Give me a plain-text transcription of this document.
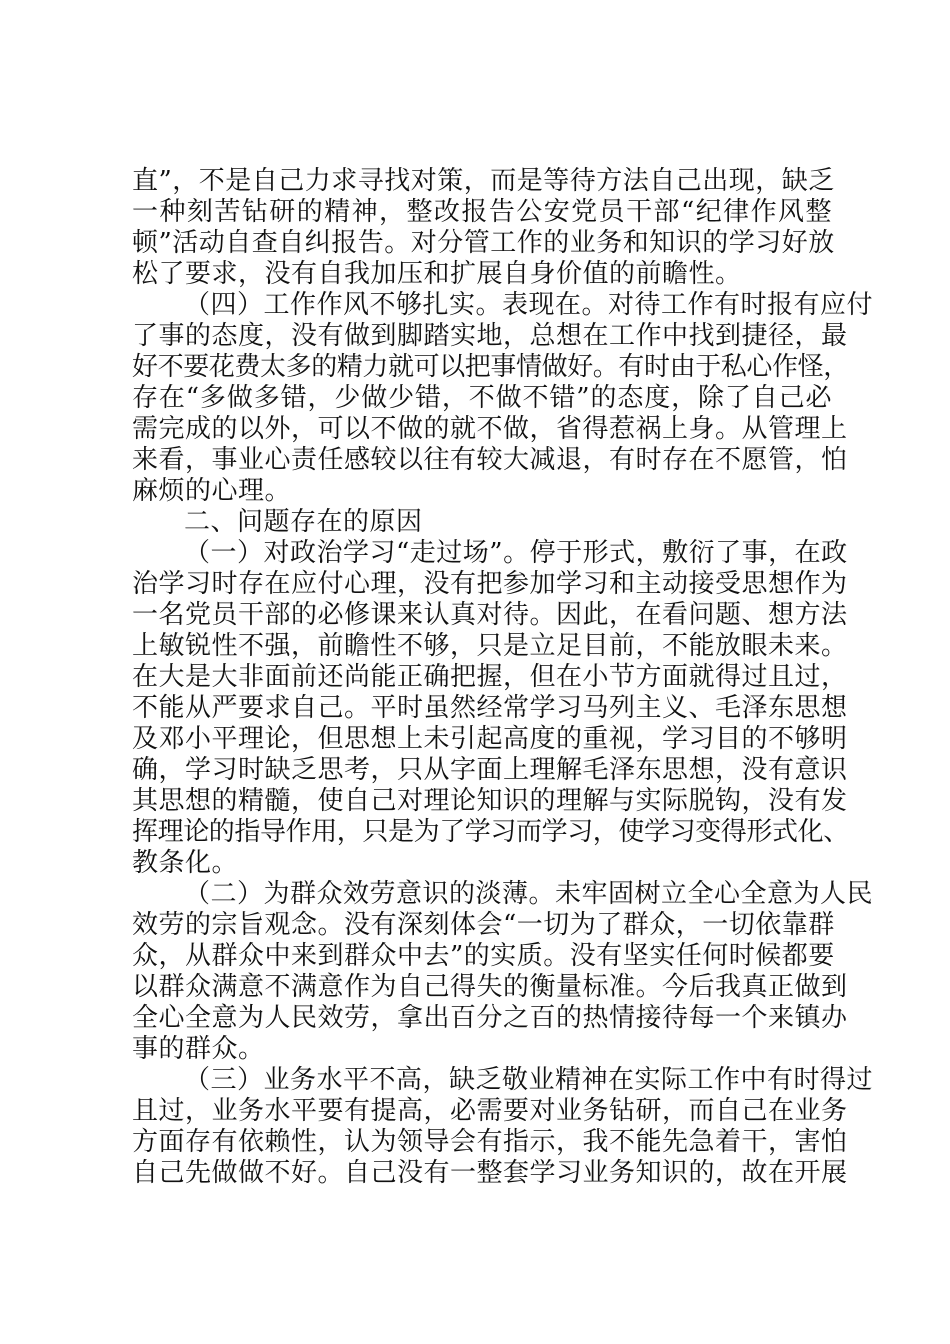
直”，不是自己力求寻找对策，而是等待方法自己出现，缺乏
一种刻苦钻研的精神，整改报告公安党员干部“纪律作风整
顿”活动自查自纠报告。对分管工作的业务和知识的学习好放
松了要求，没有自我加压和扩展自身价值的前瞻性。
（四）工作作风不够扎实。表现在。对待工作有时报有应付
了事的态度，没有做到脚踏实地，总想在工作中找到捷径，最
好不要花费太多的精力就可以把事情做好。有时由于私心作怪，
存在“多做多错，少做少错，不做不错”的态度，除了自己必
需完成的以外，可以不做的就不做，省得惹祸上身。从管理上
来看，事业心责任感较以往有较大减退，有时存在不愿管，怕
麻烦的心理。
二、问题存在的原因
（一）对政治学习“走过场”。停于形式，敷衍了事，在政
治学习时存在应付心理，没有把参加学习和主动接受思想作为
一名党员干部的必修课来认真对待。因此，在看问题、想方法
上敏锐性不强，前瞻性不够，只是立足目前，不能放眼未来。
在大是大非面前还尚能正确把握，但在小节方面就得过且过，
不能从严要求自己。平时虽然经常学习马列主义、毛泽东思想
及邓小平理论，但思想上未引起高度的重视，学习目的不够明
确，学习时缺乏思考，只从字面上理解毛泽东思想，没有意识
其思想的精髓，使自己对理论知识的理解与实际脱钩，没有发
挥理论的指导作用，只是为了学习而学习，使学习变得形式化、
教条化。
（二）为群众效劳意识的淡薄。未牢固树立全心全意为人民
效劳的宗旨观念。没有深刻体会“一切为了群众，一切依靠群
众，从群众中来到群众中去”的实质。没有坚实任何时候都要
以群众满意不满意作为自己得失的衡量标准。今后我真正做到
全心全意为人民效劳，拿出百分之百的热情接待每一个来镇办
事的群众。
（三）业务水平不高，缺乏敬业精神在实际工作中有时得过
且过，业务水平要有提高，必需要对业务钻研，而自己在业务
方面存有依赖性，认为领导会有指示，我不能先急着干，害怕
自己先做做不好。自己没有一整套学习业务知识的，故在开展
